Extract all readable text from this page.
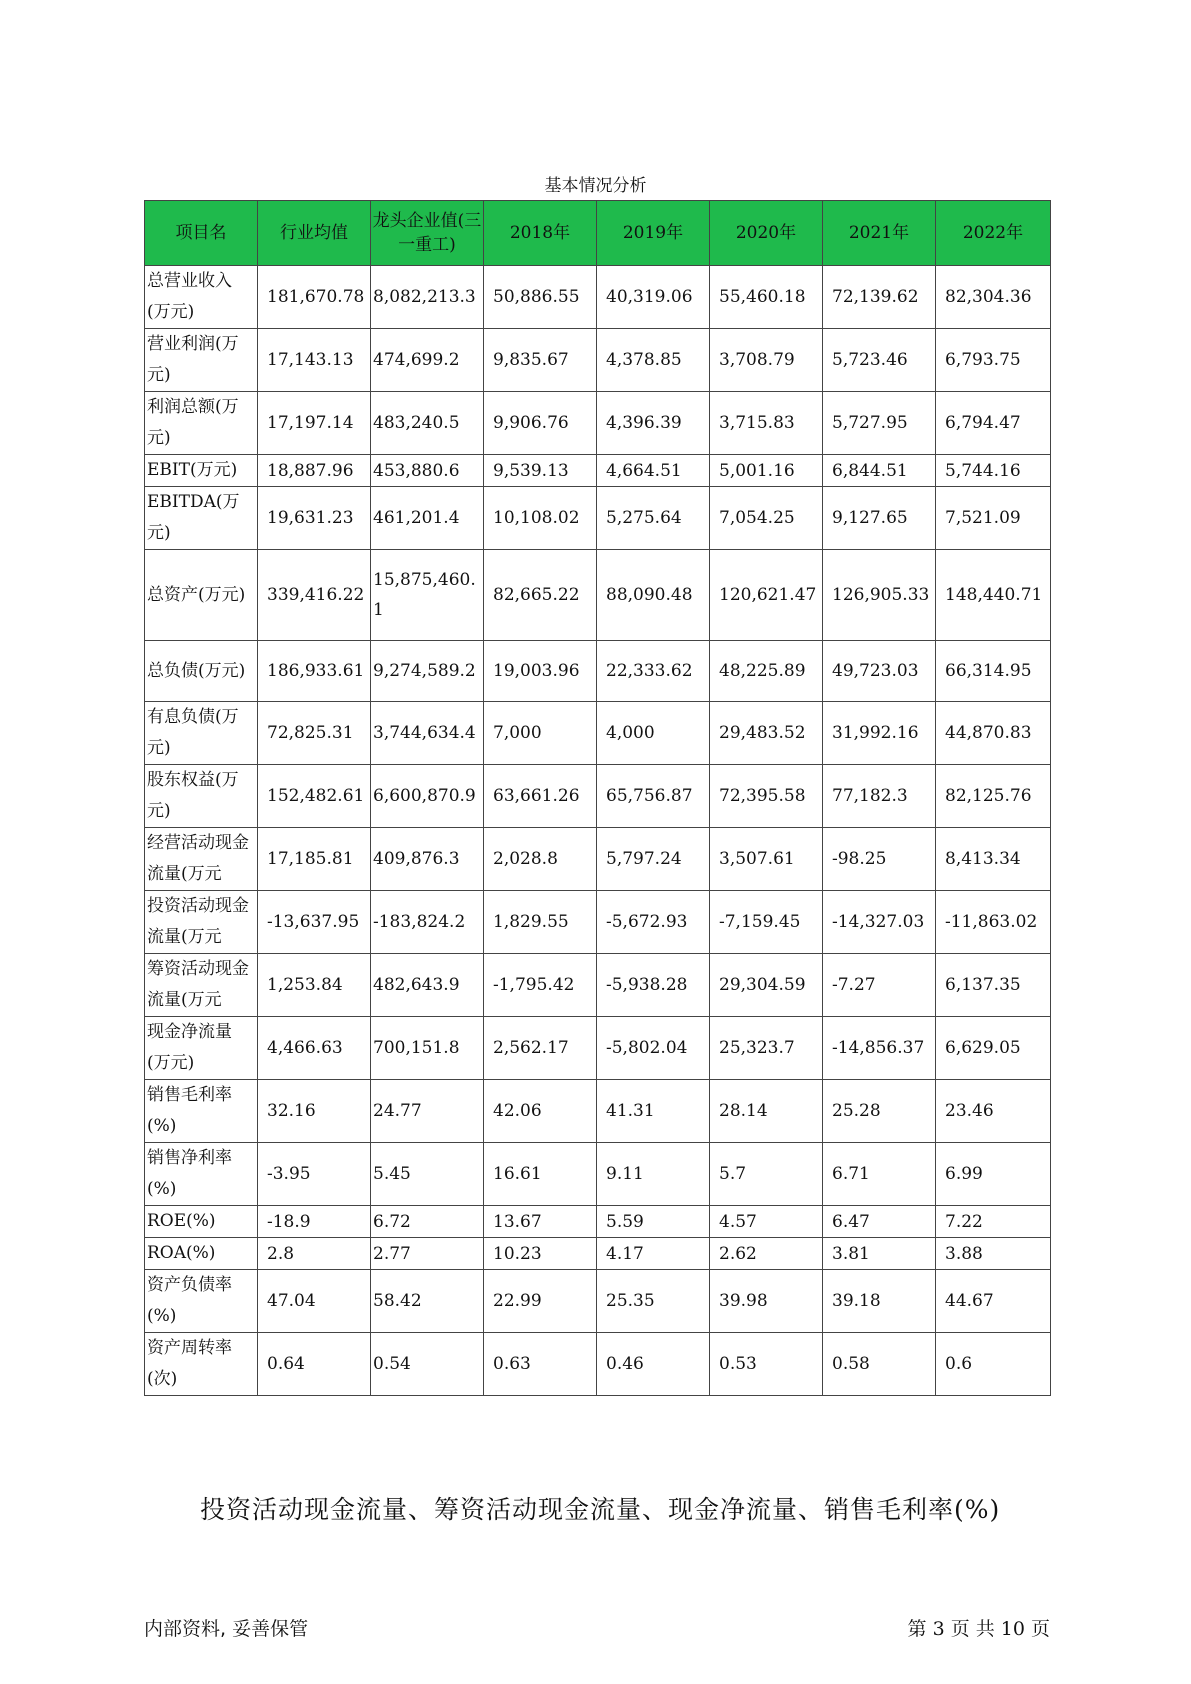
基本情况分析
项目名	行业均值	龙头企业值(三一重工)	2018年	2019年	2020年	2021年	2022年
总营业收入(万元)	181,670.78	8,082,213.3	50,886.55	40,319.06	55,460.18	72,139.62	82,304.36
营业利润(万元)	17,143.13	474,699.2	9,835.67	4,378.85	3,708.79	5,723.46	6,793.75
利润总额(万元)	17,197.14	483,240.5	9,906.76	4,396.39	3,715.83	5,727.95	6,794.47
EBIT(万元)	18,887.96	453,880.6	9,539.13	4,664.51	5,001.16	6,844.51	5,744.16
EBITDA(万元)	19,631.23	461,201.4	10,108.02	5,275.64	7,054.25	9,127.65	7,521.09
总资产(万元)	339,416.22	15,875,460.1	82,665.22	88,090.48	120,621.47	126,905.33	148,440.71
总负债(万元)	186,933.61	9,274,589.2	19,003.96	22,333.62	48,225.89	49,723.03	66,314.95
有息负债(万元)	72,825.31	3,744,634.4	7,000	4,000	29,483.52	31,992.16	44,870.83
股东权益(万元)	152,482.61	6,600,870.9	63,661.26	65,756.87	72,395.58	77,182.3	82,125.76
经营活动现金流量(万元	17,185.81	409,876.3	2,028.8	5,797.24	3,507.61	-98.25	8,413.34
投资活动现金流量(万元	-13,637.95	-183,824.2	1,829.55	-5,672.93	-7,159.45	-14,327.03	-11,863.02
筹资活动现金流量(万元	1,253.84	482,643.9	-1,795.42	-5,938.28	29,304.59	-7.27	6,137.35
现金净流量(万元)	4,466.63	700,151.8	2,562.17	-5,802.04	25,323.7	-14,856.37	6,629.05
销售毛利率(%)	32.16	24.77	42.06	41.31	28.14	25.28	23.46
销售净利率(%)	-3.95	5.45	16.61	9.11	5.7	6.71	6.99
ROE(%)	-18.9	6.72	13.67	5.59	4.57	6.47	7.22
ROA(%)	2.8	2.77	10.23	4.17	2.62	3.81	3.88
资产负债率(%)	47.04	58.42	22.99	25.35	39.98	39.18	44.67
资产周转率(次)	0.64	0.54	0.63	0.46	0.53	0.58	0.6
投资活动现金流量、筹资活动现金流量、现金净流量、销售毛利率(%)
内部资料, 妥善保管	第 3 页 共 10 页
